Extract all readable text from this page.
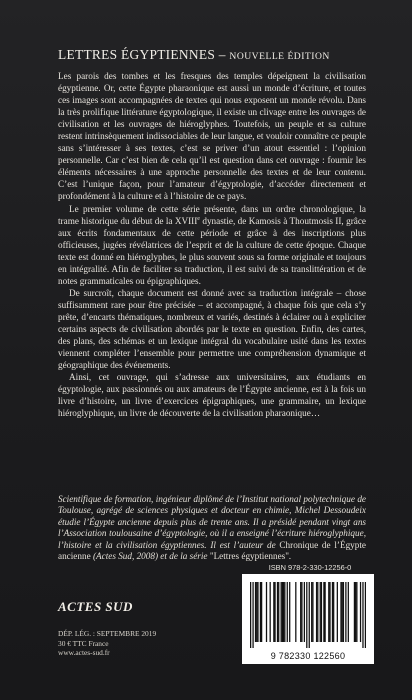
LETTRES ÉGYPTIENNES – NOUVELLE ÉDITION

Les parois des tombes et les fresques des temples dépeignent la civilisation égyptienne. Or, cette Égypte pharaonique est aussi un monde d’écriture, et toutes ces images sont accompagnées de textes qui nous exposent un monde révolu. Dans la très prolifique littérature égyptologique, il existe un clivage entre les ouvrages de civilisation et les ouvrages de hiéroglyphes. Toutefois, un peuple et sa culture restent intrinsèquement indissociables de leur langue, et vouloir connaître ce peuple sans s’intéresser à ses textes, c’est se priver d’un atout essentiel : l’opinion personnelle. Car c’est bien de cela qu’il est question dans cet ouvrage : fournir les éléments nécessaires à une approche personnelle des textes et de leur contenu. C’est l’unique façon, pour l’amateur d’égyptologie, d’accéder directement et profondément à la culture et à l’histoire de ce pays.

Le premier volume de cette série présente, dans un ordre chronologique, la trame historique du début de la XVIIIe dynastie, de Kamosis à Thoutmosis II, grâce aux écrits fondamentaux de cette période et grâce à des inscriptions plus officieuses, jugées révélatrices de l’esprit et de la culture de cette époque. Chaque texte est donné en hiéroglyphes, le plus souvent sous sa forme originale et toujours en intégralité. Afin de faciliter sa traduction, il est suivi de sa translittération et de notes grammaticales ou épigraphiques.

De surcroît, chaque document est donné avec sa traduction intégrale – chose suffisamment rare pour être précisée – et accompagné, à chaque fois que cela s’y prête, d’encarts thématiques, nombreux et variés, destinés à éclairer ou à expliciter certains aspects de civilisation abordés par le texte en question. Enfin, des cartes, des plans, des schémas et un lexique intégral du vocabulaire usité dans les textes viennent compléter l’ensemble pour permettre une compréhension dynamique et géographique des événements.

Ainsi, cet ouvrage, qui s’adresse aux universitaires, aux étudiants en égyptologie, aux passionnés ou aux amateurs de l’Égypte ancienne, est à la fois un livre d’histoire, un livre d’exercices épigraphiques, une grammaire, un lexique hiéroglyphique, un livre de découverte de la civilisation pharaonique…

Scientifique de formation, ingénieur diplômé de l’Institut national polytechnique de Toulouse, agrégé de sciences physiques et docteur en chimie, Michel Dessoudeix étudie l’Égypte ancienne depuis plus de trente ans. Il a présidé pendant vingt ans l’Association toulousaine d’égyptologie, où il a enseigné l’écriture hiéroglyphique, l’histoire et la civilisation égyptiennes. Il est l’auteur de Chronique de l’Égypte ancienne (Actes Sud, 2008) et de la série "Lettres égyptiennes".
ACTES SUD
DÉP. LÉG. : SEPTEMBRE 2019
30 € TTC France
www.actes-sud.fr
ISBN 978-2-330-12256-0
9 782330 122560
